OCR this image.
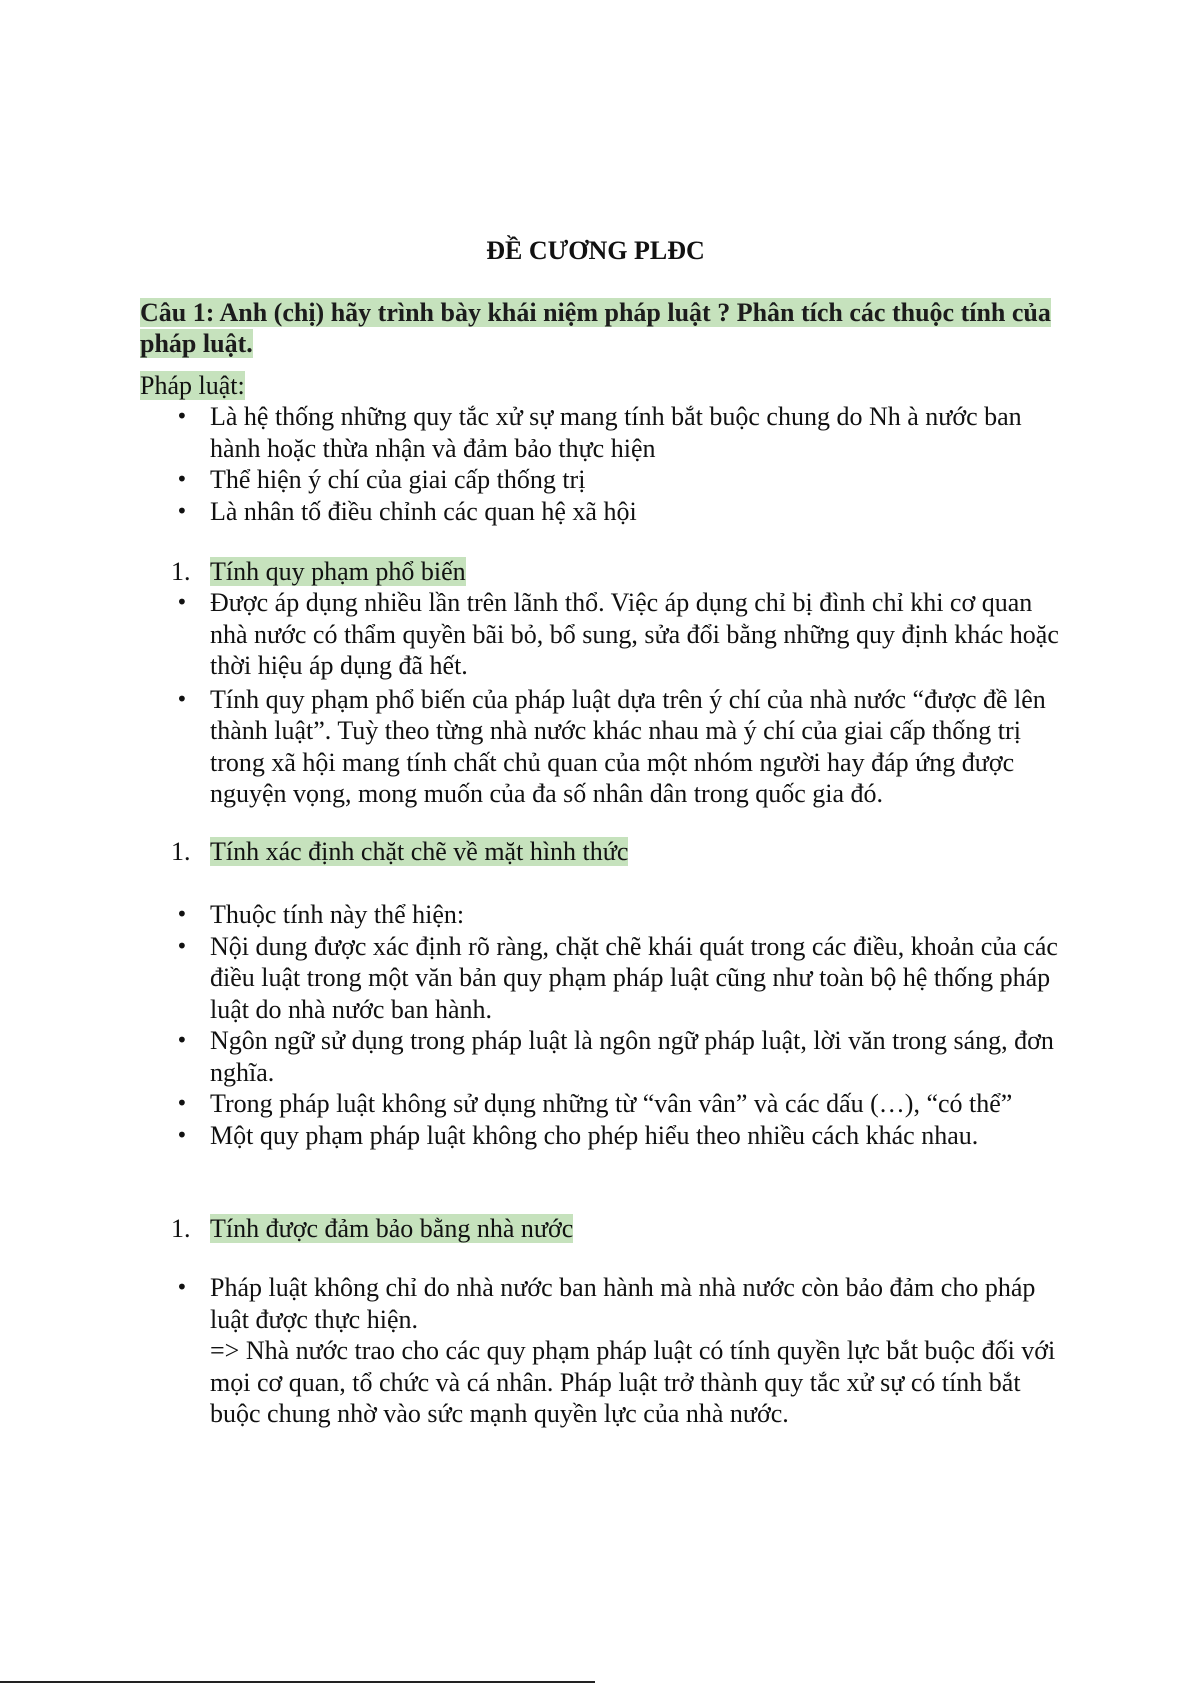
ĐỀ CƯƠNG PLĐC
Câu 1: Anh (chị) hãy trình bày khái niệm pháp luật ? Phân tích các thuộc tính của pháp luật.
Pháp luật:
• Là hệ thống những quy tắc xử sự mang tính bắt buộc chung do Nh à nước ban hành hoặc thừa nhận và đảm bảo thực hiện
• Thể hiện ý chí của giai cấp thống trị
• Là nhân tố điều chỉnh các quan hệ xã hội
1. Tính quy phạm phổ biến
• Được áp dụng nhiều lần trên lãnh thổ. Việc áp dụng chỉ bị đình chỉ khi cơ quan nhà nước có thẩm quyền bãi bỏ, bổ sung, sửa đổi bằng những quy định khác hoặc thời hiệu áp dụng đã hết.
• Tính quy phạm phổ biến của pháp luật dựa trên ý chí của nhà nước “được đề lên thành luật”. Tuỳ theo từng nhà nước khác nhau mà ý chí của giai cấp thống trị trong xã hội mang tính chất chủ quan của một nhóm người hay đáp ứng được nguyện vọng, mong muốn của đa số nhân dân trong quốc gia đó.
1. Tính xác định chặt chẽ về mặt hình thức
• Thuộc tính này thể hiện:
• Nội dung được xác định rõ ràng, chặt chẽ khái quát trong các điều, khoản của các điều luật trong một văn bản quy phạm pháp luật cũng như toàn bộ hệ thống pháp luật do nhà nước ban hành.
• Ngôn ngữ sử dụng trong pháp luật là ngôn ngữ pháp luật, lời văn trong sáng, đơn nghĩa.
• Trong pháp luật không sử dụng những từ “vân vân” và các dấu (…), “có thể”
• Một quy phạm pháp luật không cho phép hiểu theo nhiều cách khác nhau.
1. Tính được đảm bảo bằng nhà nước
• Pháp luật không chỉ do nhà nước ban hành mà nhà nước còn bảo đảm cho pháp luật được thực hiện.
=> Nhà nước trao cho các quy phạm pháp luật có tính quyền lực bắt buộc đối với mọi cơ quan, tổ chức và cá nhân. Pháp luật trở thành quy tắc xử sự có tính bắt buộc chung nhờ vào sức mạnh quyền lực của nhà nước.
